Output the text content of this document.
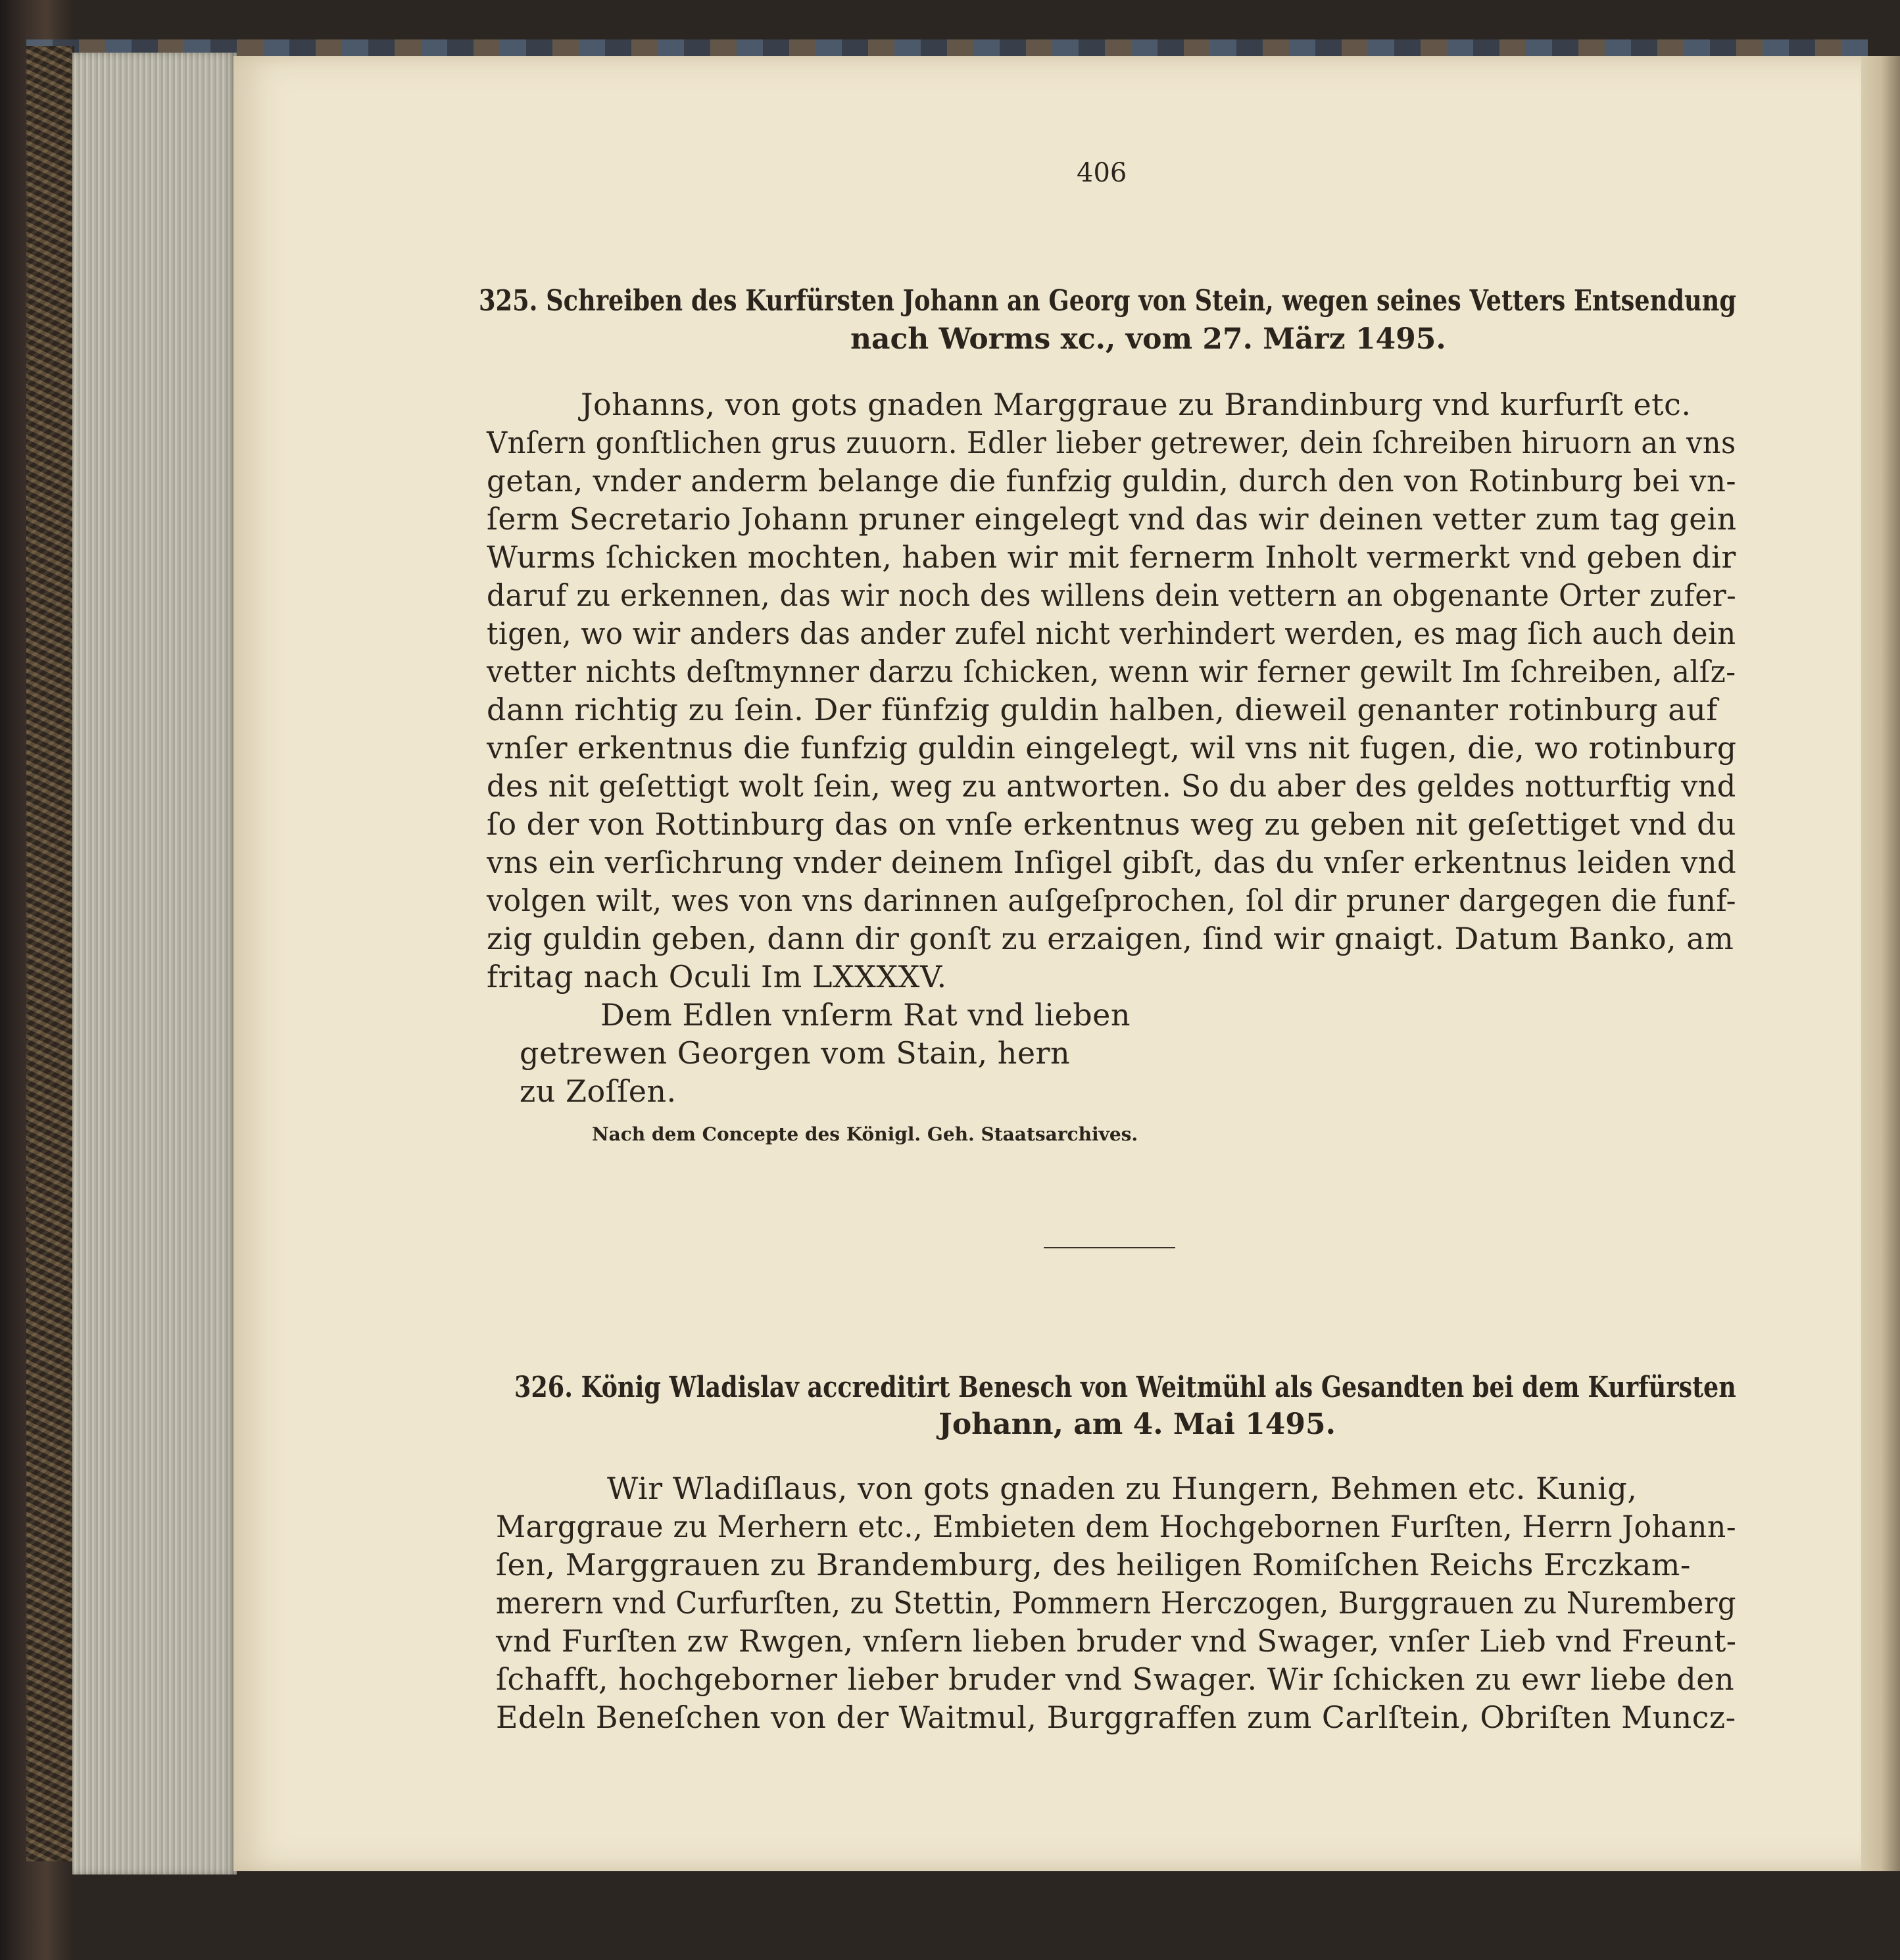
406
325. Schreiben des Kurfürsten Johann an Georg von Stein, wegen seines Vetters Entsendung
nach Worms xc., vom 27. März 1495.
Johanns, von gots gnaden Marggraue zu Brandinburg vnd kurfurſt etc.
Vnſern gonſtlichen grus zuuorn. Edler lieber getrewer, dein ſchreiben hiruorn an vns
getan, vnder anderm belange die funfzig guldin, durch den von Rotinburg bei vn-
ſerm Secretario Johann pruner eingelegt vnd das wir deinen vetter zum tag gein
Wurms ſchicken mochten, haben wir mit fernerm Inholt vermerkt vnd geben dir
daruf zu erkennen, das wir noch des willens dein vettern an obgenante Orter zufer-
tigen, wo wir anders das ander zufel nicht verhindert werden, es mag ſich auch dein
vetter nichts deſtmynner darzu ſchicken, wenn wir ferner gewilt Im ſchreiben, alſz-
dann richtig zu ſein. Der fünfzig guldin halben, dieweil genanter rotinburg auf
vnſer erkentnus die funfzig guldin eingelegt, wil vns nit fugen, die, wo rotinburg
des nit geſettigt wolt ſein, weg zu antworten. So du aber des geldes notturftig vnd
ſo der von Rottinburg das on vnſe erkentnus weg zu geben nit geſettiget vnd du
vns ein verſichrung vnder deinem Inſigel gibſt, das du vnſer erkentnus leiden vnd
volgen wilt, wes von vns darinnen auſgeſprochen, ſol dir pruner dargegen die funf-
zig guldin geben, dann dir gonſt zu erzaigen, ſind wir gnaigt. Datum Banko, am
fritag nach Oculi Im LXXXXV.
Dem Edlen vnſerm Rat vnd lieben
getrewen Georgen vom Stain, hern
zu Zoſſen.
Nach dem Concepte des Königl. Geh. Staatsarchives.
326. König Wladislav accreditirt Benesch von Weitmühl als Gesandten bei dem Kurfürsten
Johann, am 4. Mai 1495.
Wir Wladiſlaus, von gots gnaden zu Hungern, Behmen etc. Kunig,
Marggraue zu Merhern etc., Embieten dem Hochgebornen Furſten, Herrn Johann-
ſen, Marggrauen zu Brandemburg, des heiligen Romiſchen Reichs Erczkam-
merern vnd Curfurſten, zu Stettin, Pommern Herczogen, Burggrauen zu Nuremberg
vnd Furſten zw Rwgen, vnſern lieben bruder vnd Swager, vnſer Lieb vnd Freunt-
ſchafft, hochgeborner lieber bruder vnd Swager. Wir ſchicken zu ewr liebe den
Edeln Beneſchen von der Waitmul, Burggraffen zum Carlſtein, Obriſten Muncz-
